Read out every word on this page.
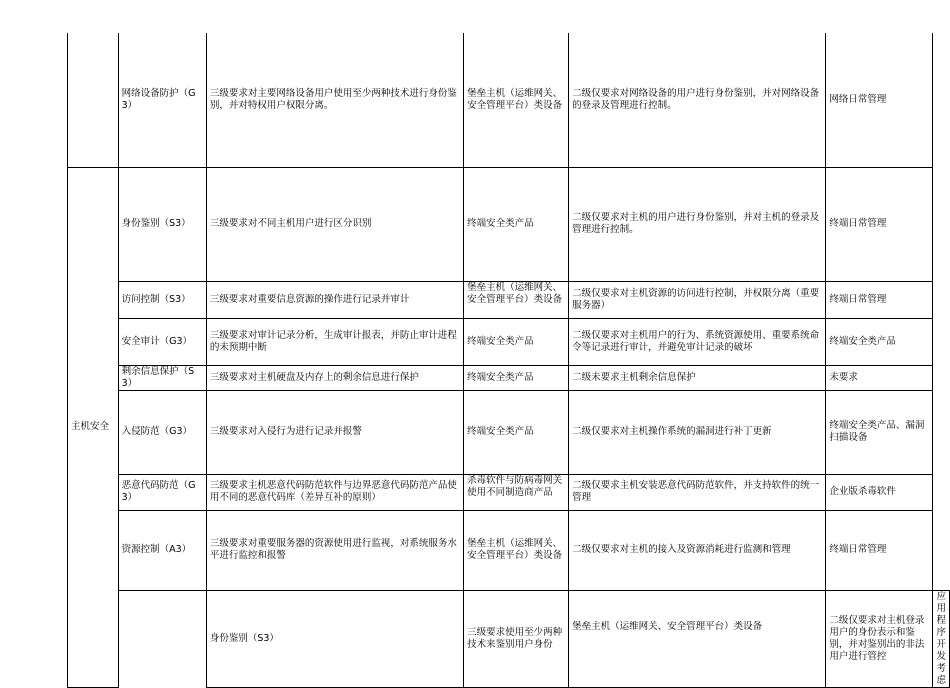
	网络设备防护（G3）	三级要求对主要网络设备用户使用至少两种技术进行身份鉴别，并对特权用户权限分离。	堡垒主机（运维网关、安全管理平台）类设备	二级仅要求对网络设备的用户进行身份鉴别，并对网络设备的登录及管理进行控制。	网络日常管理	
主机安全	身份鉴别（S3）	三级要求对不同主机用户进行区分识别	终端安全类产品	二级仅要求对主机的用户进行身份鉴别，并对主机的登录及管理进行控制。	终端日常管理	
	访问控制（S3）	三级要求对重要信息资源的操作进行记录并审计	堡垒主机（运维网关、安全管理平台）类设备	二级仅要求对主机资源的访问进行控制，并权限分离（重要服务器）	终端日常管理	
	安全审计（G3）	三级要求对审计记录分析，生成审计报表，并防止审计进程的未预期中断	终端安全类产品	二级仅要求对主机用户的行为、系统资源使用、重要系统命令等记录进行审计，并避免审计记录的破坏	终端安全类产品	

	剩余信息保护（S3）	三级要求对主机硬盘及内存上的剩余信息进行保护	终端安全类产品	二级未要求主机剩余信息保护	未要求	
	入侵防范（G3）	三级要求对入侵行为进行记录并报警	终端安全类产品	二级仅要求对主机操作系统的漏洞进行补丁更新	终端安全类产品、漏洞扫描设备	
	恶意代码防范（G3）	三级要求主机恶意代码防范软件与边界恶意代码防范产品使用不同的恶意代码库（差异互补的原则）	杀毒软件与防病毒网关使用不同制造商产品	二级仅要求主机安装恶意代码防范软件，并支持软件的统一管理	企业版杀毒软件	
	资源控制（A3）	三级要求对重要服务器的资源使用进行监视，对系统服务水平进行监控和报警	堡垒主机（运维网关、安全管理平台）类设备	二级仅要求对主机的接入及资源消耗进行监测和管理	终端日常管理	
		身份鉴别（S3）	三级要求使用至少两种技术来鉴别用户身份	堡垒主机（运维网关、安全管理平台）类设备	二级仅要求对主机登录用户的身份表示和鉴别，并对鉴别出的非法用户进行管控	应用程序开发考虑
